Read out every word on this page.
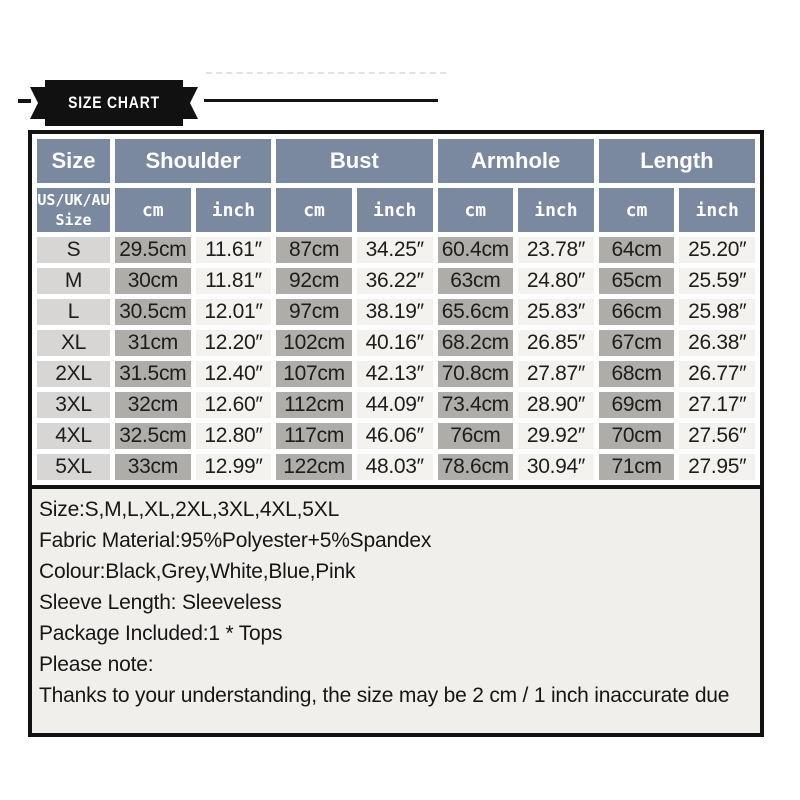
SIZE CHART
Size	Shoulder		Bust		Armhole		Length	
US/UK/AU Size	cm	inch	cm	inch	cm	inch	cm	inch
S	29.5cm	11.61″	87cm	34.25″	60.4cm	23.78″	64cm	25.20″
M	30cm	11.81″	92cm	36.22″	63cm	24.80″	65cm	25.59″
L	30.5cm	12.01″	97cm	38.19″	65.6cm	25.83″	66cm	25.98″
XL	31cm	12.20″	102cm	40.16″	68.2cm	26.85″	67cm	26.38″
2XL	31.5cm	12.40″	107cm	42.13″	70.8cm	27.87″	68cm	26.77″
3XL	32cm	12.60″	112cm	44.09″	73.4cm	28.90″	69cm	27.17″
4XL	32.5cm	12.80″	117cm	46.06″	76cm	29.92″	70cm	27.56″
5XL	33cm	12.99″	122cm	48.03″	78.6cm	30.94″	71cm	27.95″
Size:S,M,L,XL,2XL,3XL,4XL,5XL
Fabric Material:95%Polyester+5%Spandex
Colour:Black,Grey,White,Blue,Pink
Sleeve Length: Sleeveless
Package Included:1 * Tops
Please note:
Thanks to your understanding, the size may be 2 cm / 1 inch inaccurate due
